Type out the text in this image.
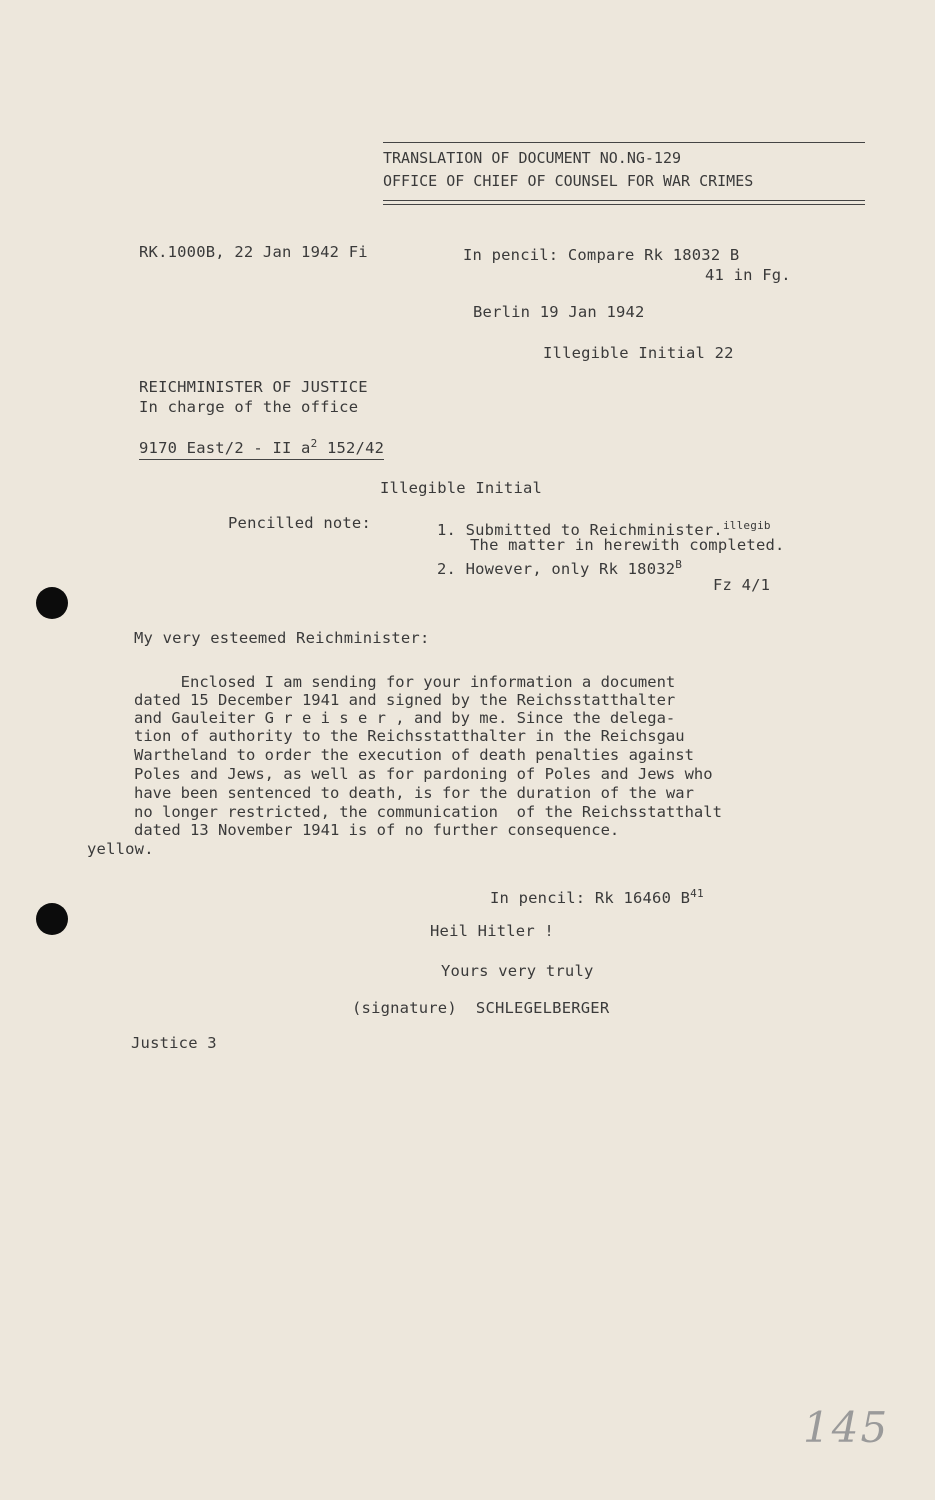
TRANSLATION OF DOCUMENT NO.NG-129
OFFICE OF CHIEF OF COUNSEL FOR WAR CRIMES
RK.1000B, 22 Jan 1942 Fi	In pencil: Compare Rk 18032 B
41 in Fg.
Berlin 19 Jan 1942
Illegible Initial 22
REICHMINISTER OF JUSTICE
In charge of the office
9170 East/2 - II $a^2$ 152/42
Illegible Initial
Pencilled note:	1. Submitted to Reichminister.$^{illegib}$
The matter in herewith completed.
2. However, only Rk $18032^B$
Fz 4/1
My very esteemed Reichminister:
Enclosed I am sending for your information a document
dated 15 December 1941 and signed by the Reichsstatthalter
and Gauleiter G r e i s e r , and by me. Since the delega-
tion of authority to the Reichsstatthalter in the Reichsgau
Wartheland to order the execution of death penalties against
Poles and Jews, as well as for pardoning of Poles and Jews who
have been sentenced to death, is for the duration of the war
no longer restricted, the communication  of the Reichsstatthalt
dated 13 November 1941 is of no further consequence.
yellow.
In pencil: Rk 16460 $B^{41}$
Heil Hitler !
Yours very truly
(signature)  SCHLEGELBERGER
Justice 3
145
